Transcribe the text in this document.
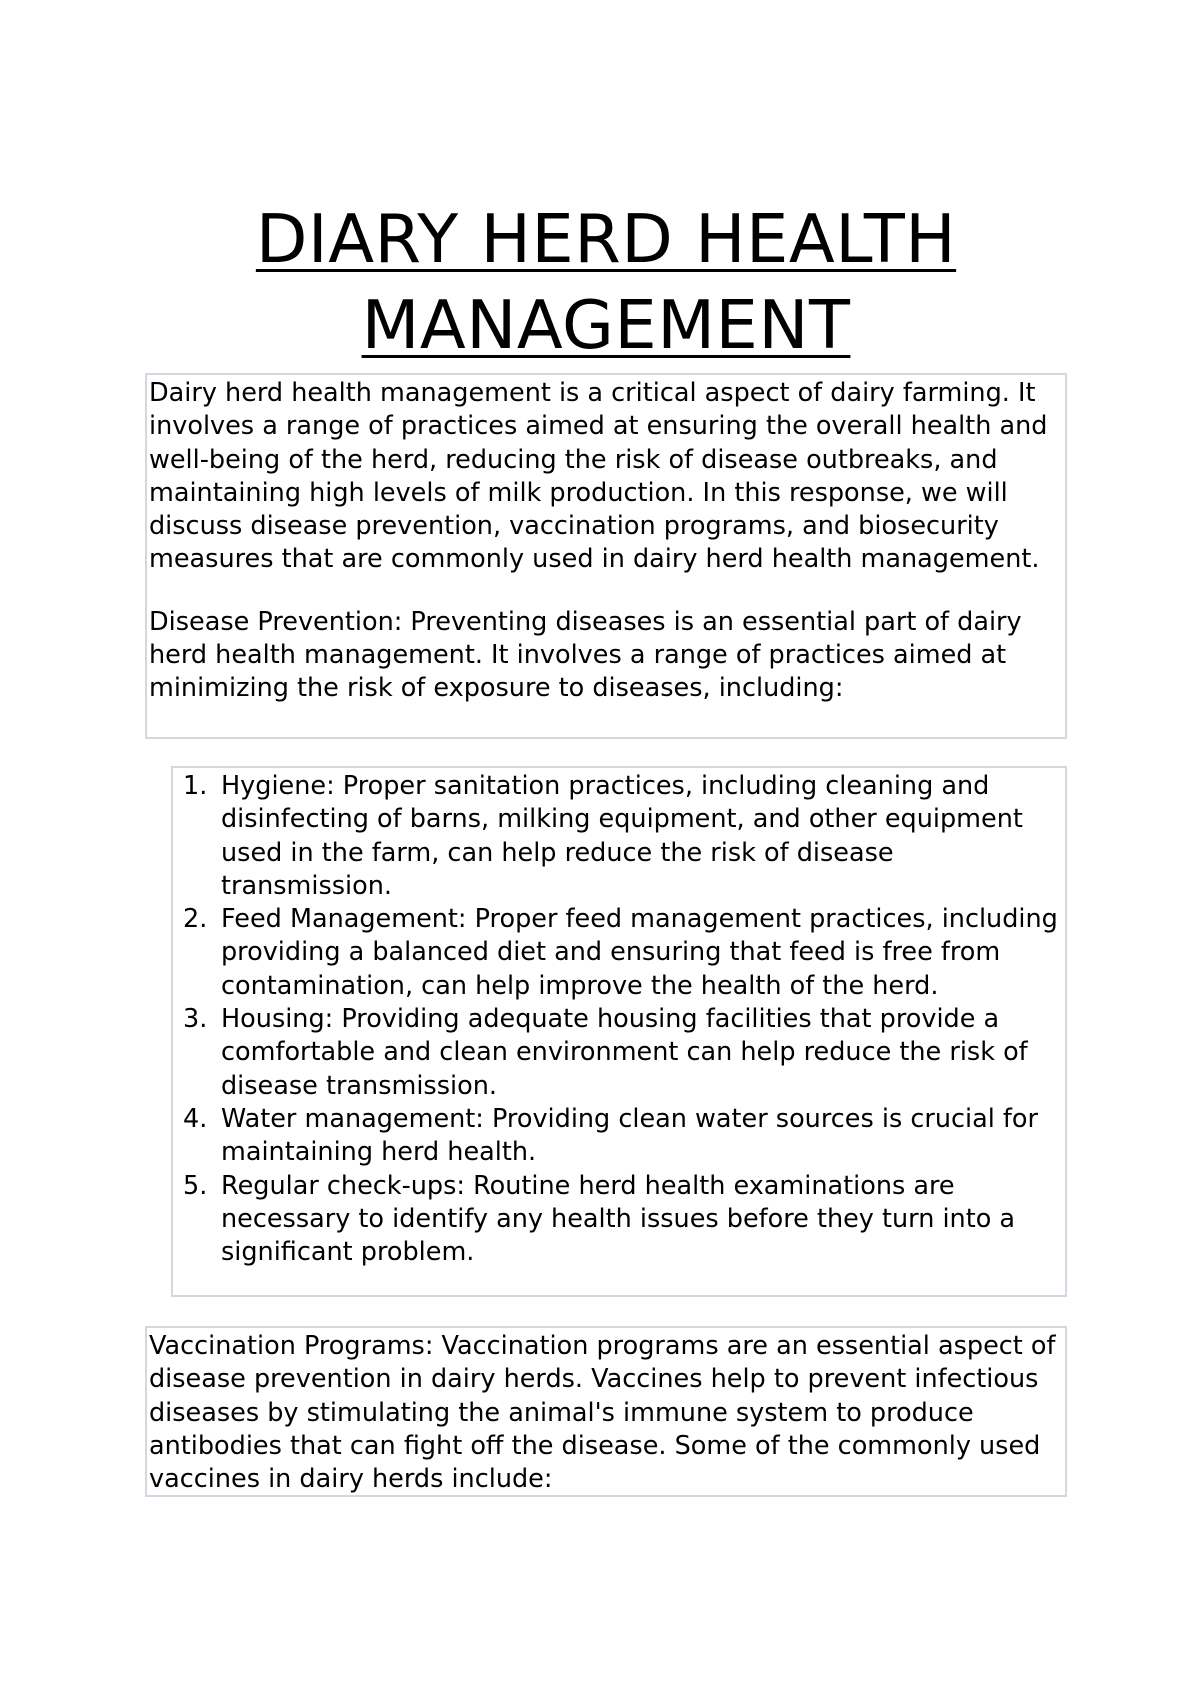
DIARY HERD HEALTH
MANAGEMENT

Dairy herd health management is a critical aspect of dairy farming. It involves a range of practices aimed at ensuring the overall health and well-being of the herd, reducing the risk of disease outbreaks, and maintaining high levels of milk production. In this response, we will discuss disease prevention, vaccination programs, and biosecurity measures that are commonly used in dairy herd health management.

Disease Prevention: Preventing diseases is an essential part of dairy herd health management. It involves a range of practices aimed at minimizing the risk of exposure to diseases, including:

1. Hygiene: Proper sanitation practices, including cleaning and disinfecting of barns, milking equipment, and other equipment used in the farm, can help reduce the risk of disease transmission.
2. Feed Management: Proper feed management practices, including providing a balanced diet and ensuring that feed is free from contamination, can help improve the health of the herd.
3. Housing: Providing adequate housing facilities that provide a comfortable and clean environment can help reduce the risk of disease transmission.
4. Water management: Providing clean water sources is crucial for maintaining herd health.
5. Regular check-ups: Routine herd health examinations are necessary to identify any health issues before they turn into a significant problem.

Vaccination Programs: Vaccination programs are an essential aspect of disease prevention in dairy herds. Vaccines help to prevent infectious diseases by stimulating the animal's immune system to produce antibodies that can fight off the disease. Some of the commonly used vaccines in dairy herds include:
